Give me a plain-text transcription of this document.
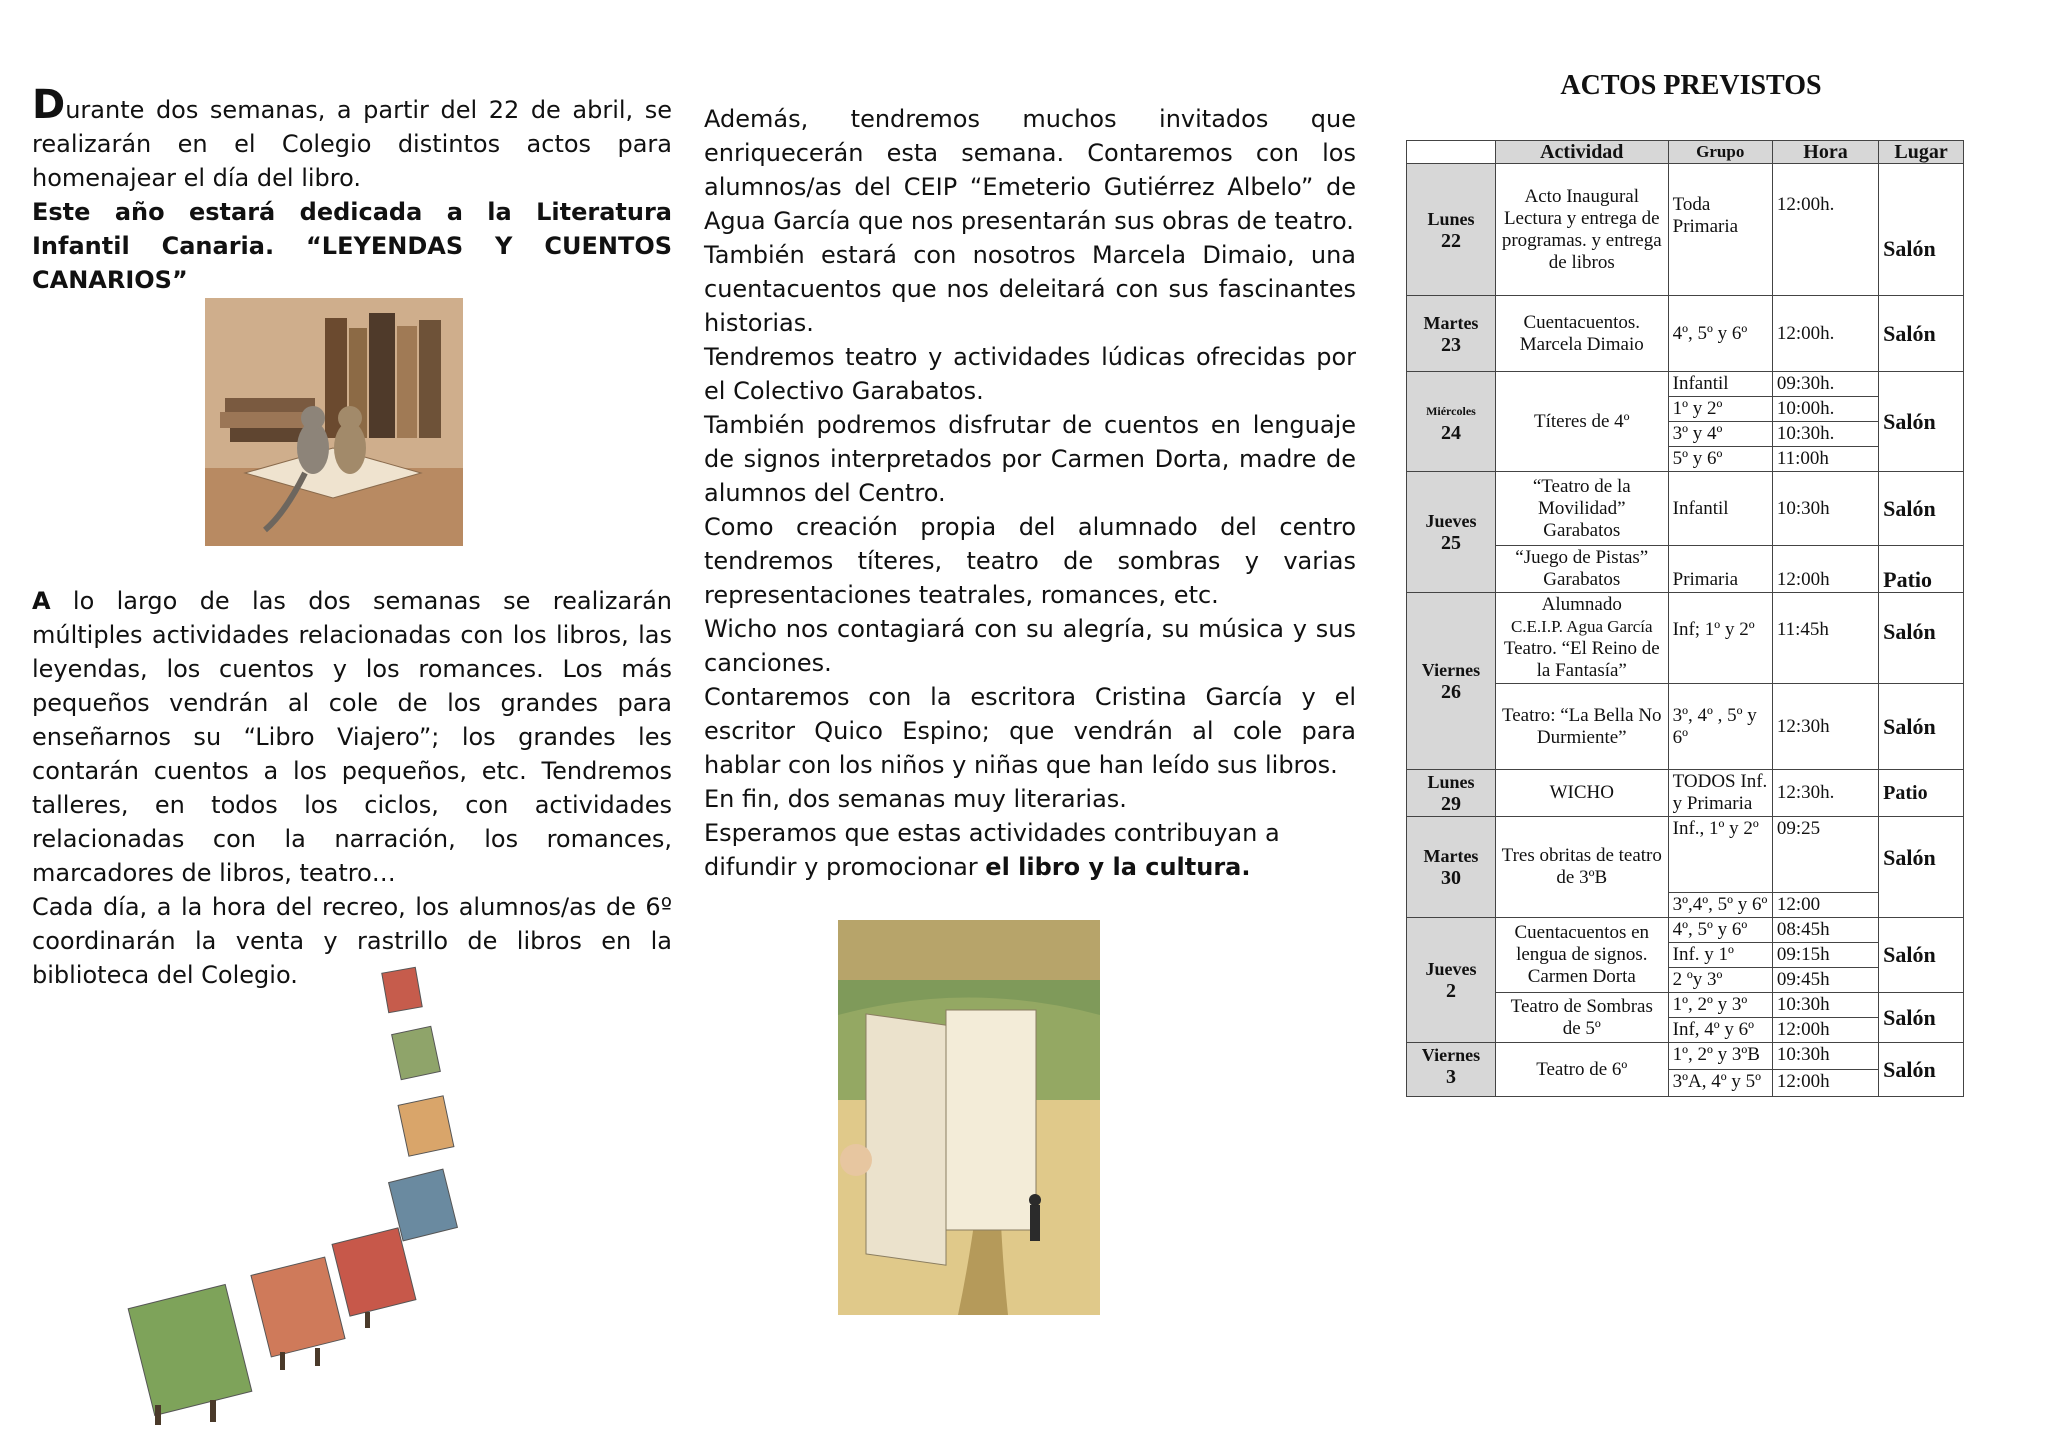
Durante dos semanas, a partir del 22 de abril, se realizarán en el Colegio distintos actos para homenajear el día del libro.

Este año estará dedicada a la Literatura Infantil Canaria. “LEYENDAS Y CUENTOS CANARIOS”

A lo largo de las dos semanas se realizarán múltiples actividades relacionadas con los libros, las leyendas, los cuentos y los romances. Los más pequeños vendrán al cole de los grandes para enseñarnos su “Libro Viajero”; los grandes les contarán cuentos a los pequeños, etc. Tendremos talleres, en todos los ciclos, con actividades relacionadas con la narración, los romances, marcadores de libros, teatro…

Cada día, a la hora del recreo, los alumnos/as de 6º coordinarán la venta y rastrillo de libros en la biblioteca del Colegio.

Además, tendremos muchos invitados que enriquecerán esta semana. Contaremos con los alumnos/as del CEIP “Emeterio Gutiérrez Albelo” de Agua García que nos presentarán sus obras de teatro.

También estará con nosotros Marcela Dimaio, una cuentacuentos que nos deleitará con sus fascinantes historias.

Tendremos teatro y actividades lúdicas ofrecidas por el Colectivo Garabatos.

También podremos disfrutar de cuentos en lenguaje de signos interpretados por Carmen Dorta, madre de alumnos del Centro.

Como creación propia del alumnado del centro tendremos títeres, teatro de sombras y varias representaciones teatrales, romances, etc.

Wicho nos contagiará con su alegría, su música y sus canciones.

Contaremos con la escritora Cristina García y el escritor Quico Espino; que vendrán al cole para hablar con los niños y niñas que han leído sus libros.

En fin, dos semanas muy literarias.

Esperamos que estas actividades contribuyan a difundir y promocionar el libro y la cultura.

ACTOS PREVISTOS
	Actividad	Grupo	Hora	Lugar
Lunes
22	Acto Inaugural Lectura y entrega de programas. y entrega de libros	Toda Primaria	12:00h.	Salón
Martes
23	Cuentacuentos. Marcela Dimaio	4º, 5º y 6º	12:00h.	Salón
Miércoles
24	Títeres de 4º	Infantil	09:30h.	Salón
		1º y 2º	10:00h.	
		3º y 4º	10:30h.	
		5º y 6º	11:00h	
Jueves
25	“Teatro de la Movilidad” Garabatos	Infantil	10:30h	Salón
	“Juego de Pistas” Garabatos	Primaria	12:00h	Patio
Viernes
26	Alumnado
C.E.I.P. Agua García
Teatro. “El Reino de la Fantasía”	Inf; 1º y 2º	11:45h	Salón
	Teatro: “La Bella No Durmiente”	3º, 4º , 5º y 6º	12:30h	Salón
Lunes
29	WICHO	TODOS Inf. y Primaria	12:30h.	Patio
Martes
30	Tres obritas de teatro de 3ºB	Inf., 1º y 2º	09:25	Salón
		3º,4º, 5º y 6º	12:00	
Jueves
2	Cuentacuentos en lengua de signos. Carmen Dorta	4º, 5º y 6º	08:45h	Salón
		Inf. y 1º	09:15h	
		2 ºy 3º	09:45h	
	Teatro de Sombras de 5º	1º, 2º y 3º	10:30h	Salón
		Inf, 4º y 6º	12:00h	
Viernes
3	Teatro de 6º	1º, 2º y 3ºB	10:30h	Salón
		3ºA, 4º y 5º	12:00h	
